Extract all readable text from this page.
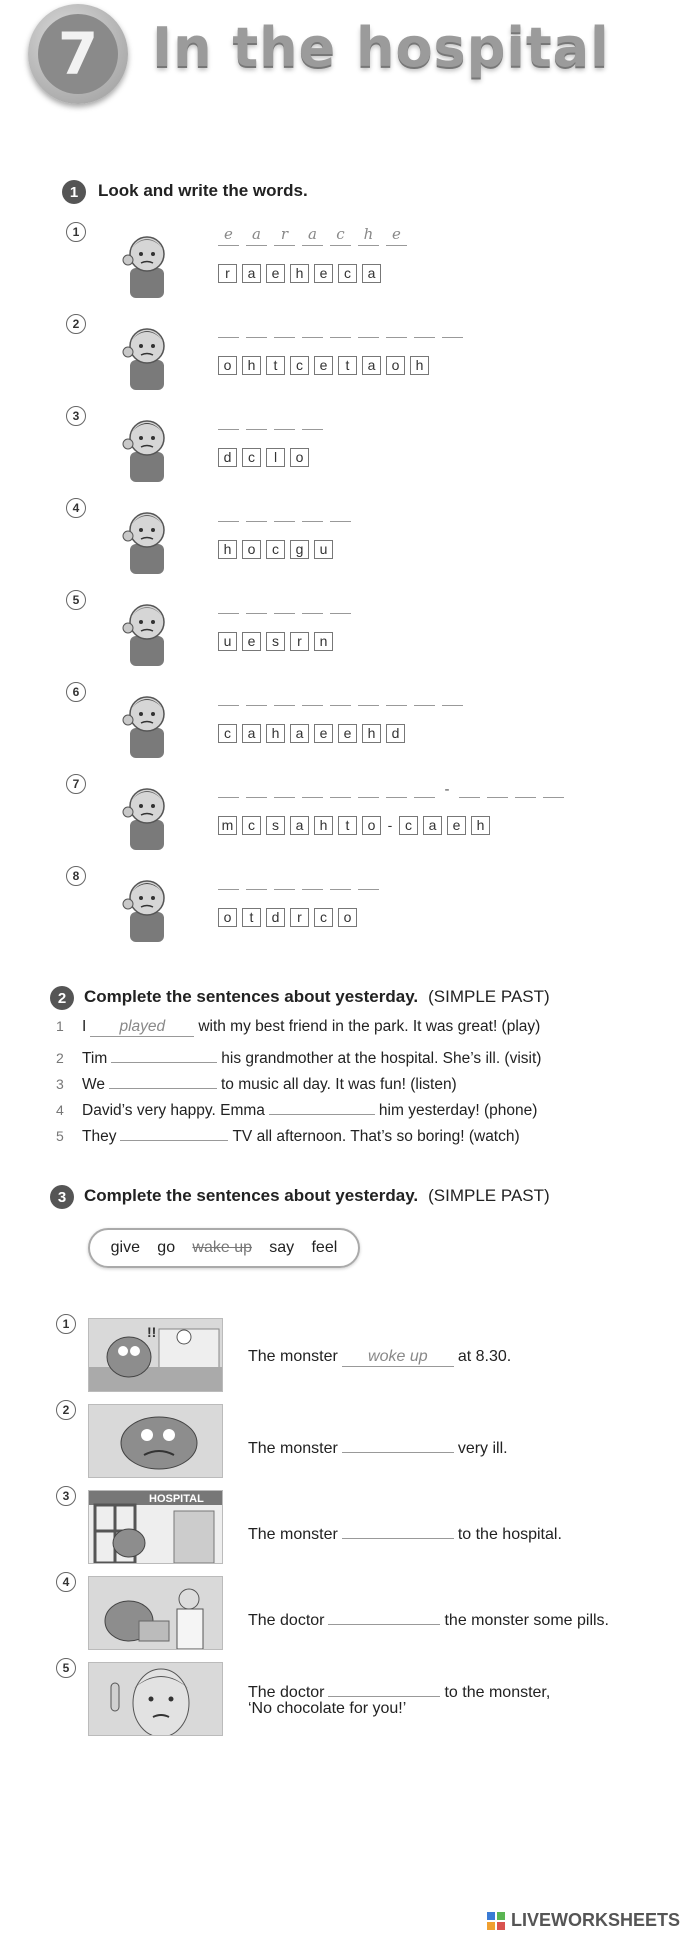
7 In the hospital
1	Look and write the words.
1	e	a	r	a	c	h	e
r	a	e	h	e	c	a
2
o	h	t	c	e	t	a	o	h
3
d	c	l	o
4
h	o	c	g	u
5
u	e	s	r	n
6
c	a	h	a	e	e	h	d
7	-
m	c	s	a	h	t	o - c	a	e	h
8
o	t	d	r	c	o
2	Complete the sentences about yesterday. (SIMPLE PAST)
1	I	played	with my best friend in the park. It was great! (play)
2	Tim	his grandmother at the hospital. She’s ill. (visit)
3	We	to music all day. It was fun! (listen)
4	David’s very happy. Emma	him yesterday! (phone)
5	They	TV all afternoon. That’s so boring! (watch)
3	Complete the sentences about yesterday. (SIMPLE PAST)
give go wake up say feel
1	!!
The monster	woke up	at 8.30.
2
The monster	very ill.
3	HOSPITAL
The monster	to the hospital.
4
The doctor	the monster some pills.
5
The doctor	to the monster,
‘No chocolate for you!’
LIVEWORKSHEETS
